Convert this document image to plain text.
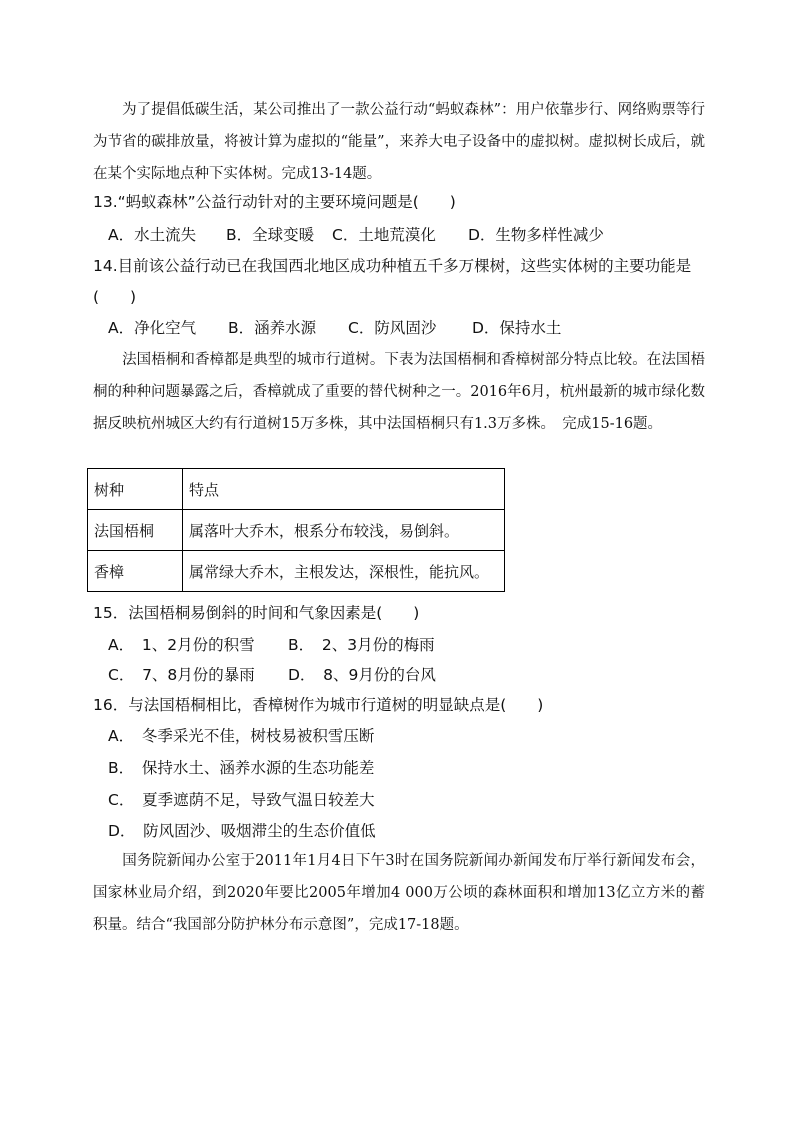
为了提倡低碳生活，某公司推出了一款公益行动“蚂蚁森林”：用户依靠步行、网络购票等行为节省的碳排放量，将被计算为虚拟的“能量”，来养大电子设备中的虚拟树。虚拟树长成后，就在某个实际地点种下实体树。完成13-14题。

13.“蚂蚁森林”公益行动针对的主要环境问题是(　　)

A．水土流失 B．全球变暖 C．土地荒漠化 D．生物多样性减少

14.目前该公益行动已在我国西北地区成功种植五千多万棵树，这些实体树的主要功能是(　　)

A．净化空气 B．涵养水源 C．防风固沙 D．保持水土

法国梧桐和香樟都是典型的城市行道树。下表为法国梧桐和香樟树部分特点比较。在法国梧桐的种种问题暴露之后，香樟就成了重要的替代树种之一。2016年6月，杭州最新的城市绿化数据反映杭州城区大约有行道树15万多株，其中法国梧桐只有1.3万多株。　完成15-16题。

树种	特点
法国梧桐	属落叶大乔木，根系分布较浅，易倒斜。
香樟	属常绿大乔木，主根发达，深根性，能抗风。

15．法国梧桐易倒斜的时间和气象因素是(　　)

A．　1、2月份的积雪 B．　2、3月份的梅雨

C．　7、8月份的暴雨 D．　8、9月份的台风

16．与法国梧桐相比，香樟树作为城市行道树的明显缺点是(　　)

A．　冬季采光不佳，树枝易被积雪压断

B．　保持水土、涵养水源的生态功能差

C．　夏季遮荫不足，导致气温日较差大

D．　防风固沙、吸烟滞尘的生态价值低

国务院新闻办公室于2011年1月4日下午3时在国务院新闻办新闻发布厅举行新闻发布会，国家林业局介绍，到2020年要比2005年增加4 000万公顷的森林面积和增加13亿立方米的蓄积量。结合“我国部分防护林分布示意图”，完成17-18题。
